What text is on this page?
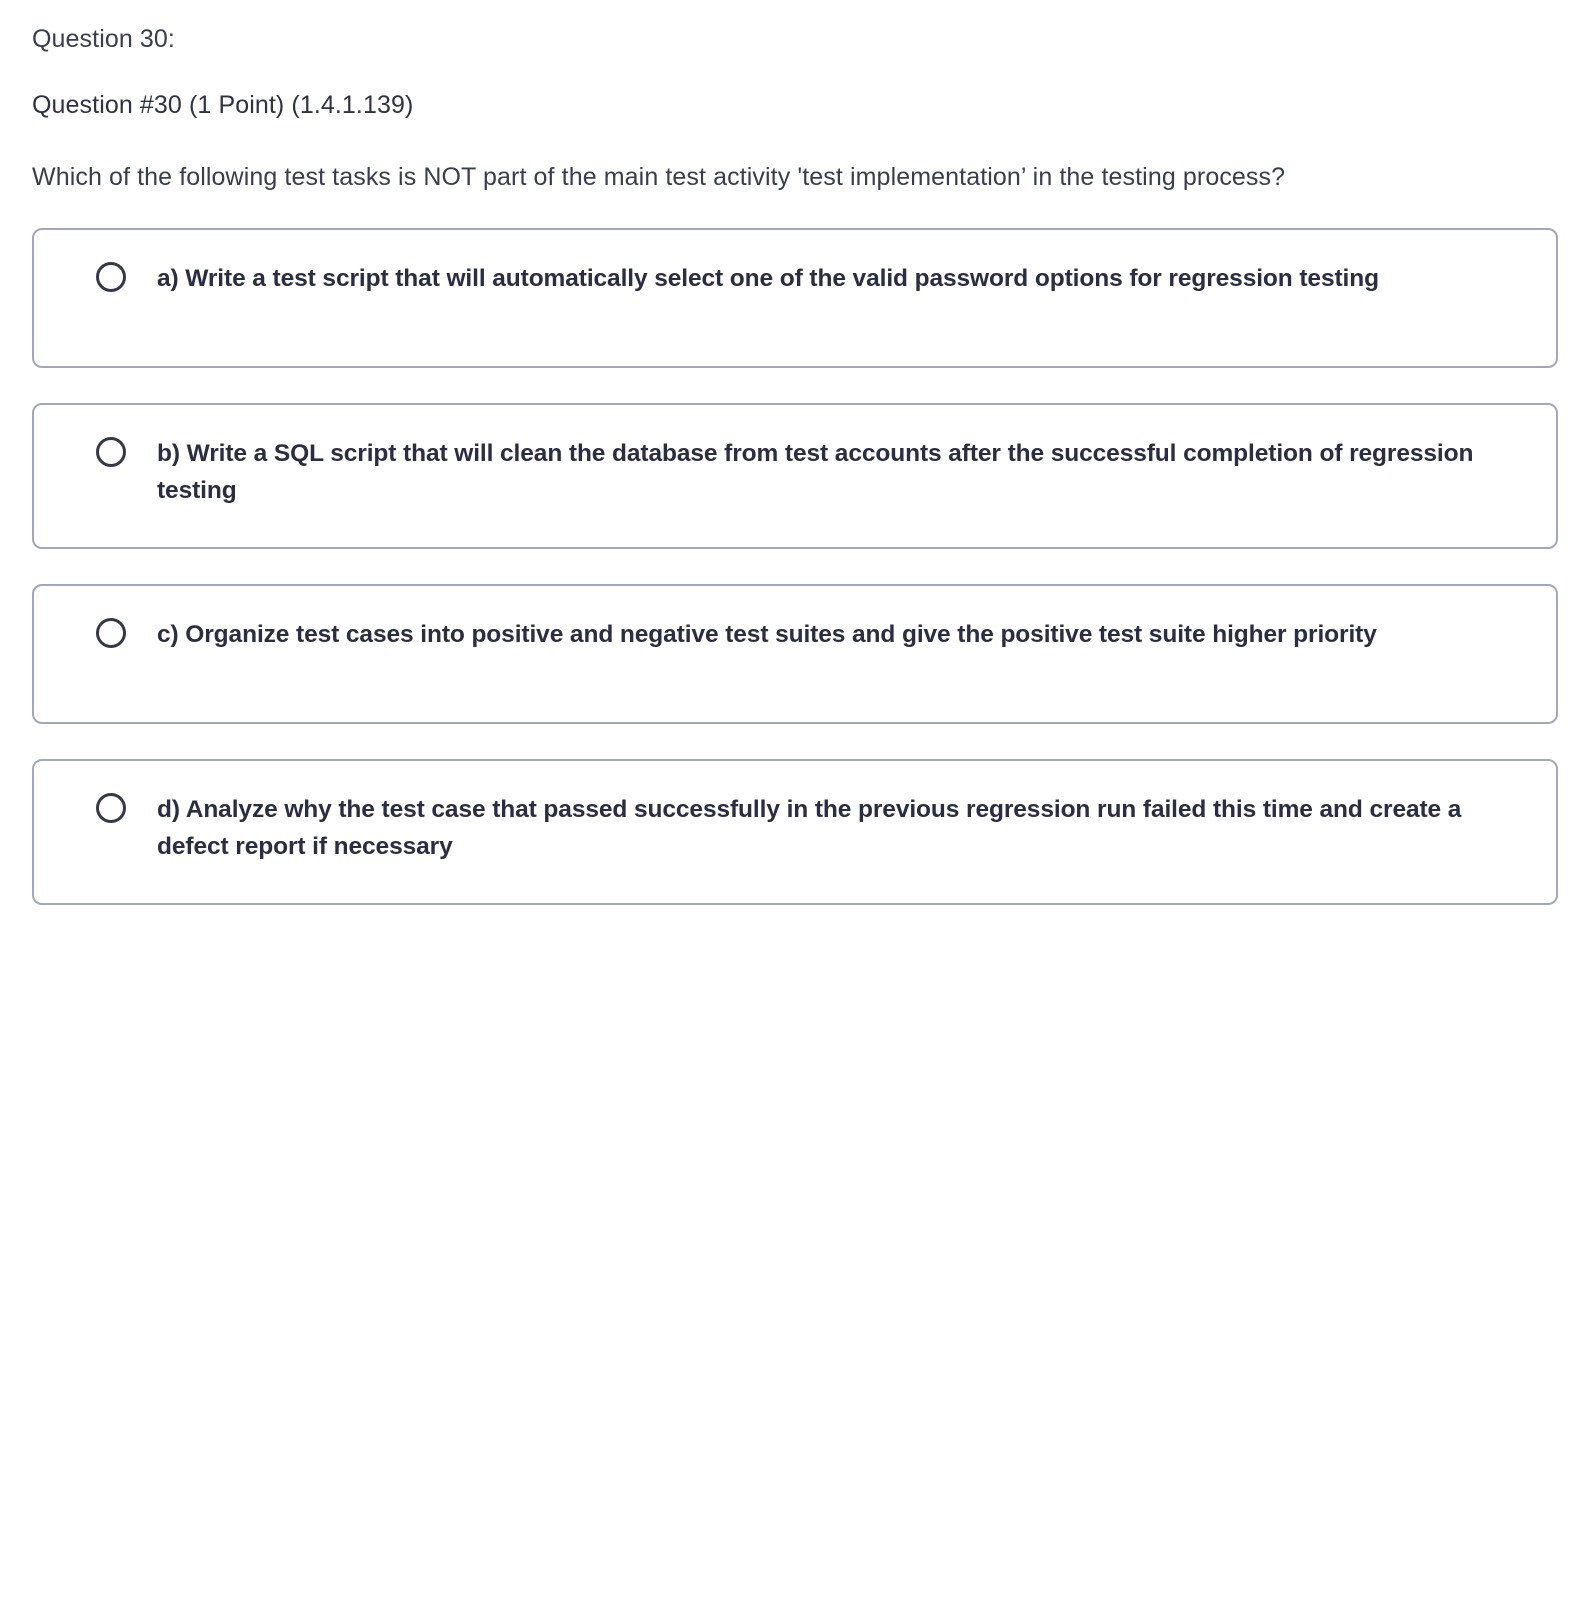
Question 30:
Question #30 (1 Point) (1.4.1.139)
Which of the following test tasks is NOT part of the main test activity 'test implementation’ in the testing process?
a) Write a test script that will automatically select one of the valid password options for regression testing
b) Write a SQL script that will clean the database from test accounts after the successful completion of regression testing
c) Organize test cases into positive and negative test suites and give the positive test suite higher priority
d) Analyze why the test case that passed successfully in the previous regression run failed this time and create a defect report if necessary
